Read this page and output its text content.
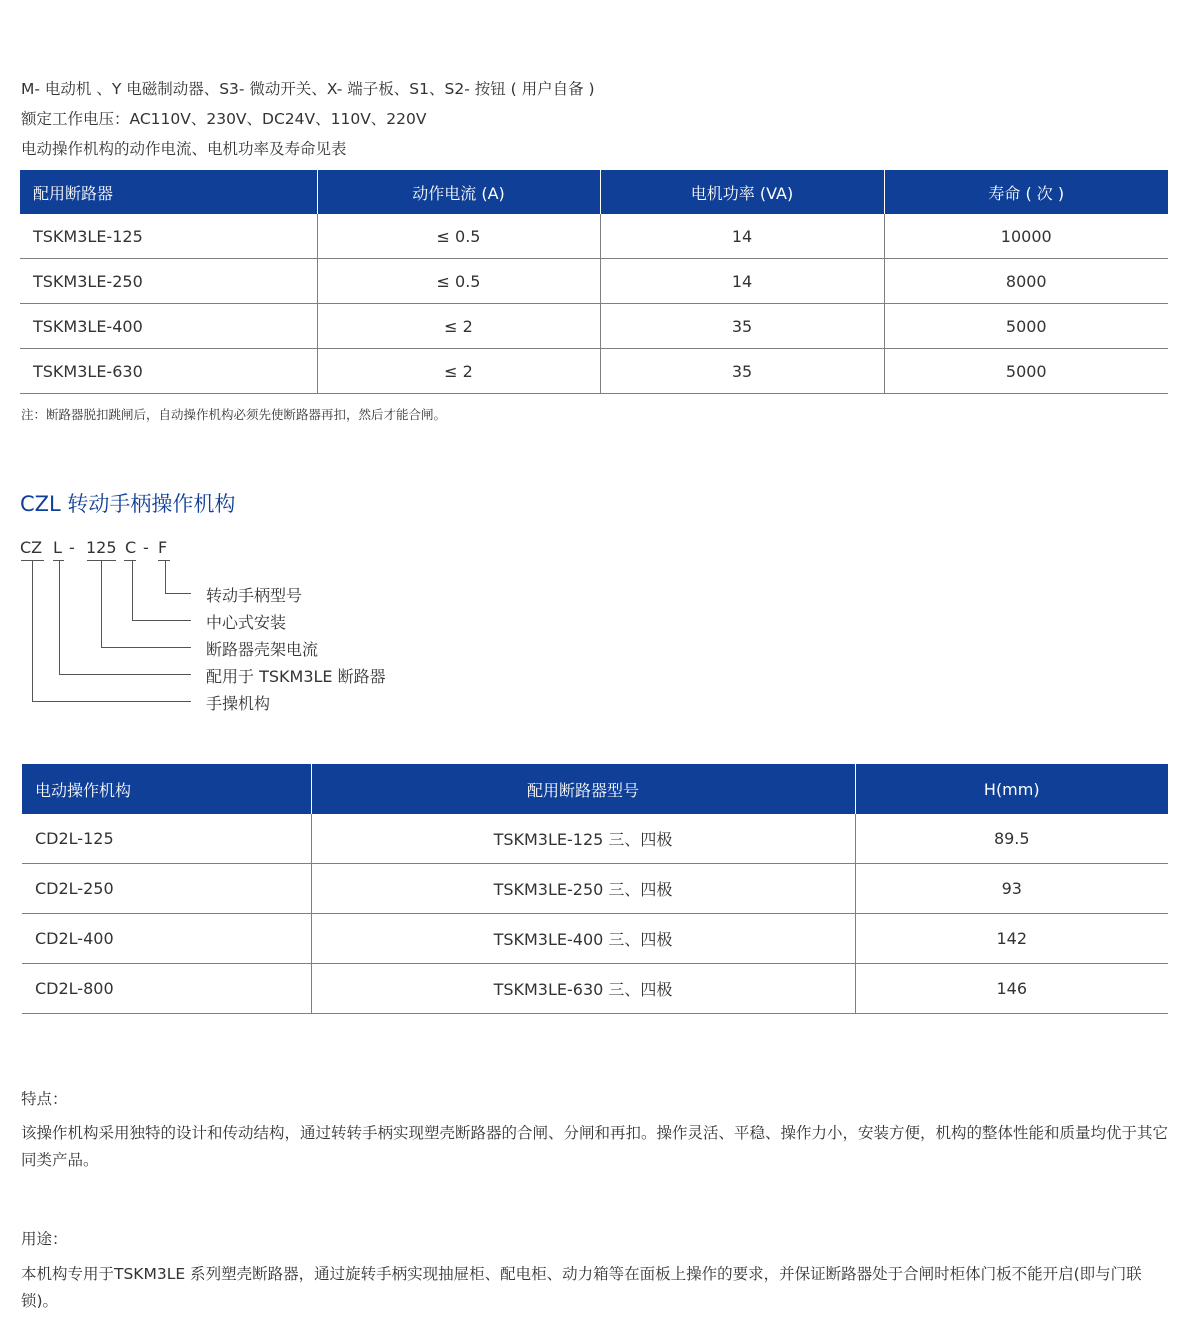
M- 电动机 、Y 电磁制动器、S3- 微动开关、X- 端子板、S1、S2- 按钮 ( 用户自备 )
额定工作电压：AC110V、230V、DC24V、110V、220V
电动操作机构的动作电流、电机功率及寿命见表
配用断路器	动作电流 (A)	电机功率 (VA)	寿命 ( 次 )
TSKM3LE-125	≤ 0.5	14	10000
TSKM3LE-250	≤ 0.5	14	8000
TSKM3LE-400	≤ 2	35	5000
TSKM3LE-630	≤ 2	35	5000
注：断路器脱扣跳闸后，自动操作机构必须先使断路器再扣，然后才能合闸。
CZL 转动手柄操作机构
CZ L - 125 C - F
转动手柄型号
中心式安装
断路器壳架电流
配用于 TSKM3LE 断路器
手操机构
电动操作机构	配用断路器型号	H(mm)
CD2L-125	TSKM3LE-125 三、四极	89.5
CD2L-250	TSKM3LE-250 三、四极	93
CD2L-400	TSKM3LE-400 三、四极	142
CD2L-800	TSKM3LE-630 三、四极	146
特点：
该操作机构采用独特的设计和传动结构，通过转转手柄实现塑壳断路器的合闸、分闸和再扣。操作灵活、平稳、操作力小，安装方便，机构的整体性能和质量均优于其它同类产品。
用途：
本机构专用于TSKM3LE 系列塑壳断路器，通过旋转手柄实现抽屉柜、配电柜、动力箱等在面板上操作的要求，并保证断路器处于合闸时柜体门板不能开启(即与门联锁)。
